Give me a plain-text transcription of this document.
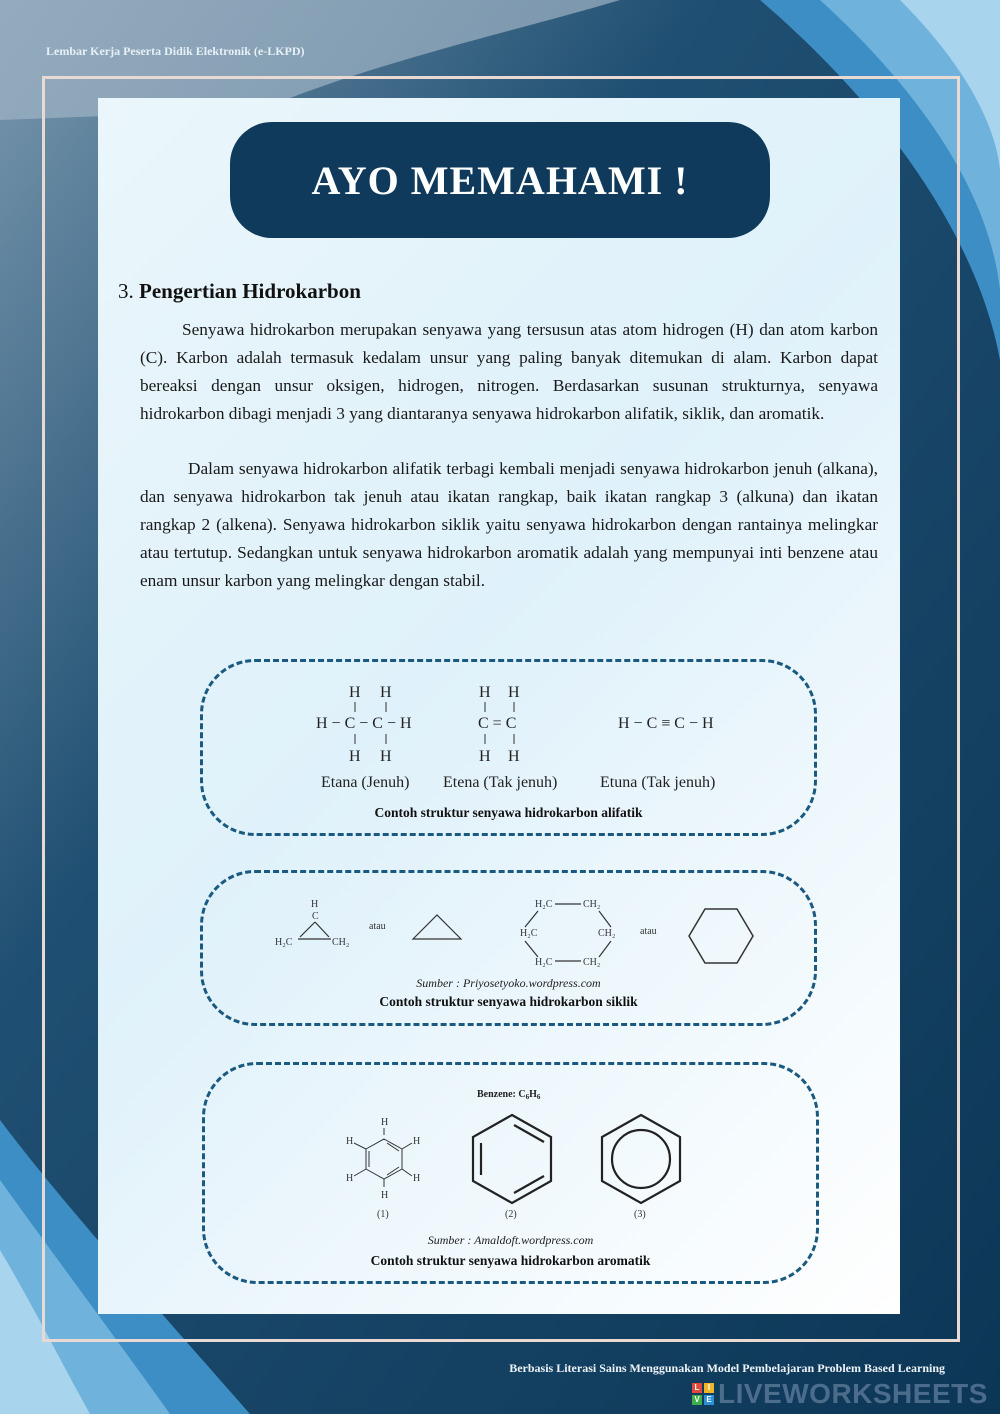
Lembar Kerja Peserta Didik Elektronik (e-LKPD)
AYO MEMAHAMI !
3. Pengertian Hidrokarbon

Senyawa hidrokarbon merupakan senyawa yang tersusun atas atom hidrogen (H) dan atom karbon (C). Karbon adalah termasuk kedalam unsur yang paling banyak ditemukan di alam. Karbon dapat bereaksi dengan unsur oksigen, hidrogen, nitrogen. Berdasarkan susunan strukturnya, senyawa hidrokarbon dibagi menjadi 3 yang diantaranya senyawa hidrokarbon alifatik, siklik, dan aromatik.

Dalam senyawa hidrokarbon alifatik terbagi kembali menjadi senyawa hidrokarbon jenuh (alkana), dan senyawa hidrokarbon tak jenuh atau ikatan rangkap, baik ikatan rangkap 3 (alkuna) dan ikatan rangkap 2 (alkena). Senyawa hidrokarbon siklik yaitu senyawa hidrokarbon dengan rantainya melingkar atau tertutup. Sedangkan untuk senyawa hidrokarbon aromatik adalah yang mempunyai inti benzene atau enam unsur karbon yang melingkar dengan stabil.

H H
H − C − C − H
H H
H H
C = C
H H
H − C ≡ C − H
Etana (Jenuh) Etena (Tak jenuh)	Etuna (Tak jenuh)
Contoh struktur senyawa hidrokarbon alifatik
H
C
H₂C	CH₂
atau
H₂C	CH₂
H₂C	CH₂
H₂C	CH₂
atau
Sumber : Priyosetyoko.wordpress.com
Contoh struktur senyawa hidrokarbon siklik
Benzene: $C_6H_6$
H
H	H
H	H
H
(1)	(2)	(3)
Sumber : Amaldoft.wordpress.com
Contoh struktur senyawa hidrokarbon aromatik
Berbasis Literasi Sains Menggunakan Model Pembelajaran Problem Based Learning
L	I
V E LIVEWORKSHEETS
